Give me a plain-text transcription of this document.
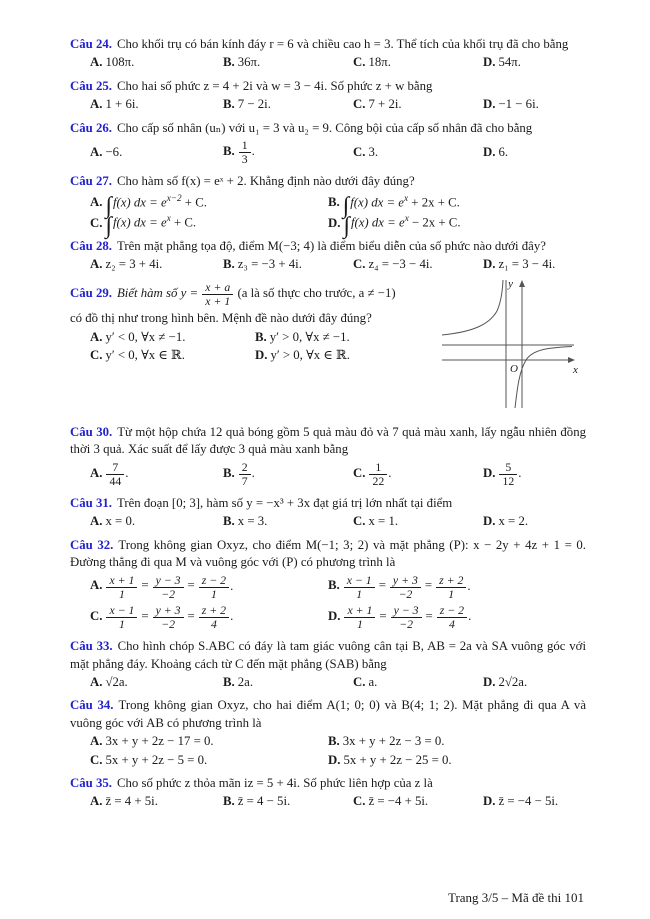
Câu 24. Cho khối trụ có bán kính đáy r = 6 và chiều cao h = 3. Thể tích của khối trụ đã cho bằng

A. 108π.	B. 36π.	C. 18π.	D. 54π.

Câu 25. Cho hai số phức z = 4 + 2i và w = 3 − 4i. Số phức z + w bằng

A. 1 + 6i.	B. 7 − 2i.	C. 7 + 2i.	D. −1 − 6i.

Câu 26. Cho cấp số nhân (uₙ) với u₁ = 3 và u₂ = 9. Công bội của cấp số nhân đã cho bằng

A. −6.	B. $\frac{1}{3}$ .	C. 3.	D. 6.

Câu 27. Cho hàm số f(x) = eˣ + 2. Khẳng định nào dưới đây đúng?

A. ∫f(x) dx = $e^{x-2} + C$.	B. ∫f(x) dx = $e^x + 2x + C$.
C. ∫f(x) dx = $e^x + C$.	D. ∫f(x) dx = $e^x - 2x + C$.

Câu 28. Trên mặt phẳng tọa độ, điểm M(−3; 4) là điểm biểu diễn của số phức nào dưới đây?

A. z₂ = 3 + 4i.	B. z₃ = −3 + 4i.	C. z₄ = −3 − 4i.	D. z₁ = 3 − 4i.
y
x
O

Câu 29. Biết hàm số $y = \frac{x + a}{x + 1} (a$ là số thực cho trước, a ≠ −1)

có đồ thị như trong hình bên. Mệnh đề nào dưới đây đúng?

A. y′ < 0, ∀x ≠ −1.	B. y′ > 0, ∀x ≠ −1.
C. y′ < 0, ∀x ∈ ℝ.	D. y′ > 0, ∀x ∈ ℝ.

Câu 30. Từ một hộp chứa 12 quả bóng gồm 5 quả màu đỏ và 7 quả màu xanh, lấy ngẫu nhiên đồng thời 3 quả. Xác suất để lấy được 3 quả màu xanh bằng

A. $\frac{7}{44}$ .	B. $\frac{2}{7}$ .	C. $\frac{1}{22}$ .	D. $\frac{5}{12}$ .

Câu 31. Trên đoạn [0; 3], hàm số y = −x³ + 3x đạt giá trị lớn nhất tại điểm

A. x = 0.	B. x = 3.	C. x = 1.	D. x = 2.

Câu 32. Trong không gian Oxyz, cho điểm M(−1; 3; 2) và mặt phẳng (P): x − 2y + 4z + 1 = 0. Đường thẳng đi qua M và vuông góc với (P) có phương trình là

A. $\frac{x + 1}{1} = \frac{y - 3}{-2} = \frac{z - 2}{1}$ .	B. $\frac{x - 1}{1} = \frac{y + 3}{-2} = \frac{z + 2}{1}$ .
C. $\frac{x - 1}{1} = \frac{y + 3}{-2} = \frac{z + 2}{4}$ .	D. $\frac{x + 1}{1} = \frac{y - 3}{-2} = \frac{z - 2}{4}$ .

Câu 33. Cho hình chóp S.ABC có đáy là tam giác vuông cân tại B, AB = 2a và SA vuông góc với mặt phẳng đáy. Khoảng cách từ C đến mặt phẳng (SAB) bằng

A. √2a.	B. 2a.	C. a.	D. 2√2a.

Câu 34. Trong không gian Oxyz, cho hai điểm A(1; 0; 0) và B(4; 1; 2). Mặt phẳng đi qua A và vuông góc với AB có phương trình là

A. 3x + y + 2z − 17 = 0.	B. 3x + y + 2z − 3 = 0.
C. 5x + y + 2z − 5 = 0.	D. 5x + y + 2z − 25 = 0.

Câu 35. Cho số phức z thỏa mãn iz = 5 + 4i. Số phức liên hợp của z là

A. z̄ = 4 + 5i.	B. z̄ = 4 − 5i.	C. z̄ = −4 + 5i.	D. z̄ = −4 − 5i.
Trang 3/5 – Mã đề thi 101
